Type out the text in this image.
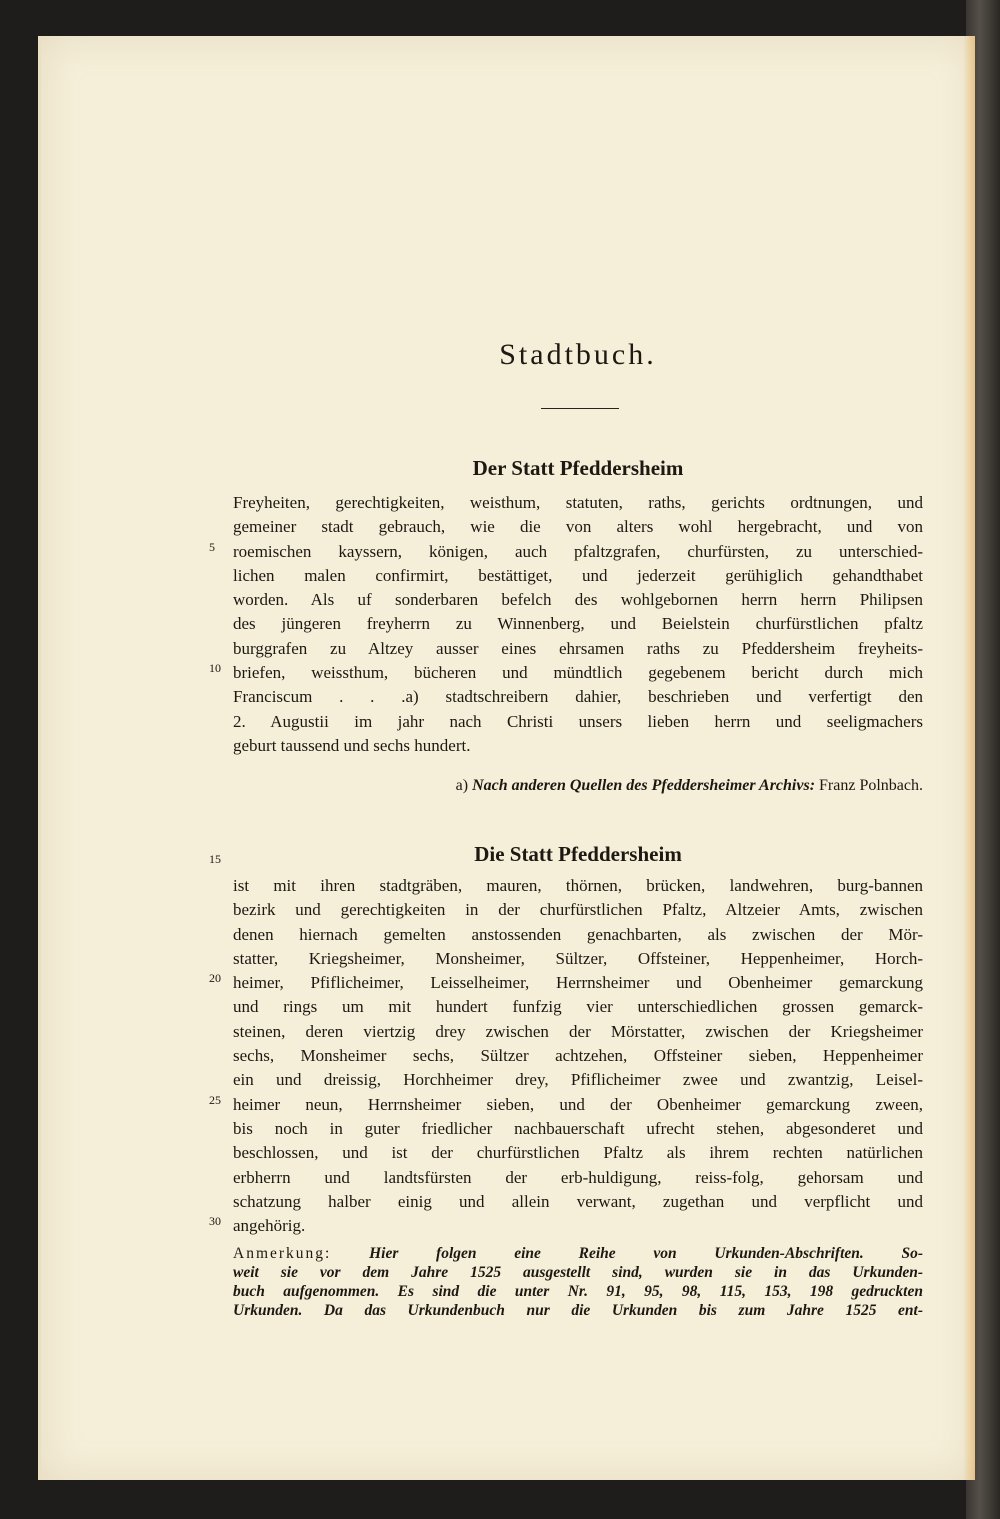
Stadtbuch.
Der Statt Pfeddersheim
Freyheiten, gerechtigkeiten, weisthum, statuten, raths, gerichts ordtnungen, und
gemeiner stadt gebrauch, wie die von alters wohl hergebracht, und von
roemischen kayssern, königen, auch pfaltzgrafen, churfürsten, zu unterschied-
lichen malen confirmirt, bestättiget, und jederzeit gerühiglich gehandthabet
worden. Als uf sonderbaren befelch des wohlgebornen herrn herrn Philipsen
des jüngeren freyherrn zu Winnenberg, und Beielstein churfürstlichen pfaltz
burggrafen zu Altzey ausser eines ehrsamen raths zu Pfeddersheim freyheits-
briefen, weissthum, bücheren und mündtlich gegebenem bericht durch mich
Franciscum . . .a) stadtschreibern dahier, beschrieben und verfertigt den
2. Augustii im jahr nach Christi unsers lieben herrn und seeligmachers
geburt taussend und sechs hundert.
5
10
a) Nach anderen Quellen des Pfeddersheimer Archivs: Franz Polnbach.
15	Die Statt Pfeddersheim
ist mit ihren stadtgräben, mauren, thörnen, brücken, landwehren, burg-bannen
bezirk und gerechtigkeiten in der churfürstlichen Pfaltz, Altzeier Amts, zwischen
denen hiernach gemelten anstossenden genachbarten, als zwischen der Mör-
statter, Kriegsheimer, Monsheimer, Sültzer, Offsteiner, Heppenheimer, Horch-
heimer, Pfiflicheimer, Leisselheimer, Herrnsheimer und Obenheimer gemarckung
und rings um mit hundert funfzig vier unterschiedlichen grossen gemarck-
steinen, deren viertzig drey zwischen der Mörstatter, zwischen der Kriegsheimer
sechs, Monsheimer sechs, Sültzer achtzehen, Offsteiner sieben, Heppenheimer
ein und dreissig, Horchheimer drey, Pfiflicheimer zwee und zwantzig, Leisel-
heimer neun, Herrnsheimer sieben, und der Obenheimer gemarckung zween,
bis noch in guter friedlicher nachbauerschaft ufrecht stehen, abgesonderet und
beschlossen, und ist der churfürstlichen Pfaltz als ihrem rechten natürlichen
erbherrn und landtsfürsten der erb-huldigung, reiss-folg, gehorsam und
schatzung halber einig und allein verwant, zugethan und verpflicht und
angehörig.
20
25
30
Anmerkung: Hier folgen eine Reihe von Urkunden-Abschriften. So-
weit sie vor dem Jahre 1525 ausgestellt sind, wurden sie in das Urkunden-
buch aufgenommen. Es sind die unter Nr. 91, 95, 98, 115, 153, 198 gedruckten
Urkunden. Da das Urkundenbuch nur die Urkunden bis zum Jahre 1525 ent-
